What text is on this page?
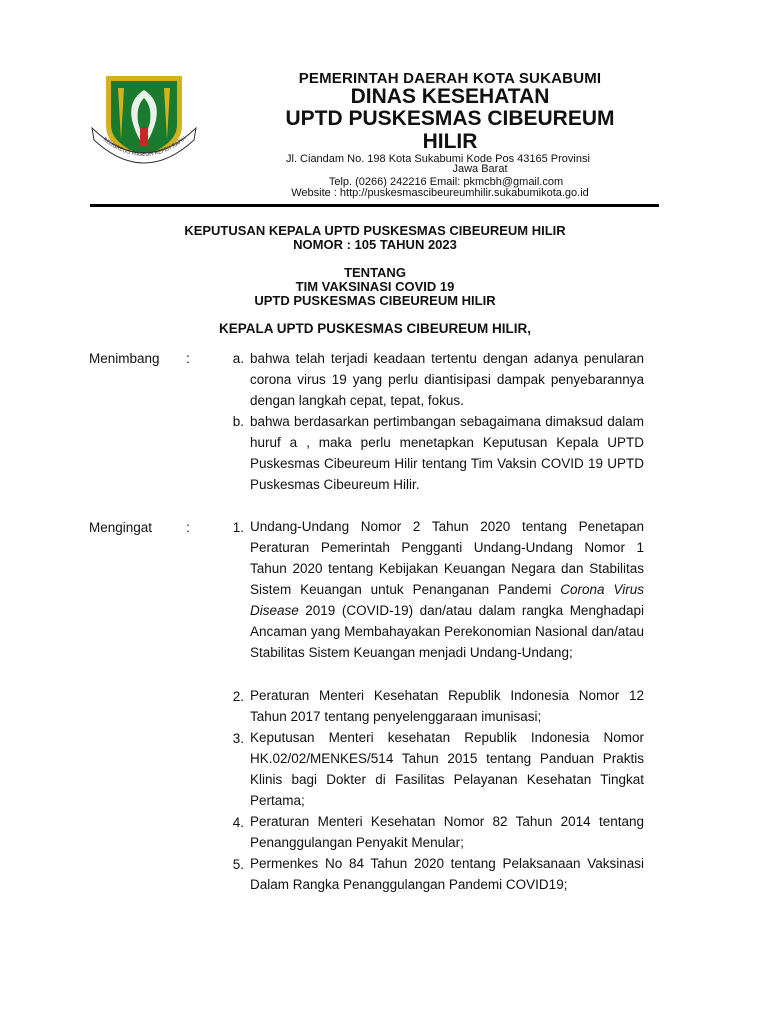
REUGREUG PAGEUH REPEH RAPIH
PEMERINTAH DAERAH KOTA SUKABUMI
DINAS KESEHATAN
UPTD PUSKESMAS CIBEUREUM
HILIR
Jl. Ciandam No. 198 Kota Sukabumi Kode Pos 43165 Provinsi
Jawa Barat
Telp. (0266) 242216 Email: pkmcbh@gmail.com
Website : http://puskesmascibeureumhilir.sukabumikota.go.id
KEPUTUSAN KEPALA UPTD PUSKESMAS CIBEUREUM HILIR
NOMOR : 105 TAHUN 2023
TENTANG
TIM VAKSINASI COVID 19
UPTD PUSKESMAS CIBEUREUM HILIR
KEPALA UPTD PUSKESMAS CIBEUREUM HILIR,
Menimbang :	a. bahwa telah terjadi keadaan tertentu dengan adanya penularan corona virus 19 yang perlu diantisipasi dampak penyebarannya dengan langkah cepat, tepat, fokus.
b. bahwa berdasarkan pertimbangan sebagaimana dimaksud dalam huruf a , maka perlu menetapkan Keputusan Kepala UPTD Puskesmas Cibeureum Hilir tentang Tim Vaksin COVID 19 UPTD Puskesmas Cibeureum Hilir.
Mengingat	:	1. Undang-Undang Nomor 2 Tahun 2020 tentang Penetapan Peraturan Pemerintah Pengganti Undang-Undang Nomor 1 Tahun 2020 tentang Kebijakan Keuangan Negara dan Stabilitas Sistem Keuangan untuk Penanganan Pandemi Corona Virus Disease 2019 (COVID-19) dan/atau dalam rangka Menghadapi Ancaman yang Membahayakan Perekonomian Nasional dan/atau Stabilitas Sistem Keuangan menjadi Undang-Undang;
2. Peraturan Menteri Kesehatan Republik Indonesia Nomor 12 Tahun 2017 tentang penyelenggaraan imunisasi;
3. Keputusan Menteri kesehatan Republik Indonesia Nomor HK.02/02/MENKES/514 Tahun 2015 tentang Panduan Praktis Klinis bagi Dokter di Fasilitas Pelayanan Kesehatan Tingkat Pertama;
4. Peraturan Menteri Kesehatan Nomor 82 Tahun 2014 tentang Penanggulangan Penyakit Menular;
5. Permenkes No 84 Tahun 2020 tentang Pelaksanaan Vaksinasi Dalam Rangka Penanggulangan Pandemi COVID19;
